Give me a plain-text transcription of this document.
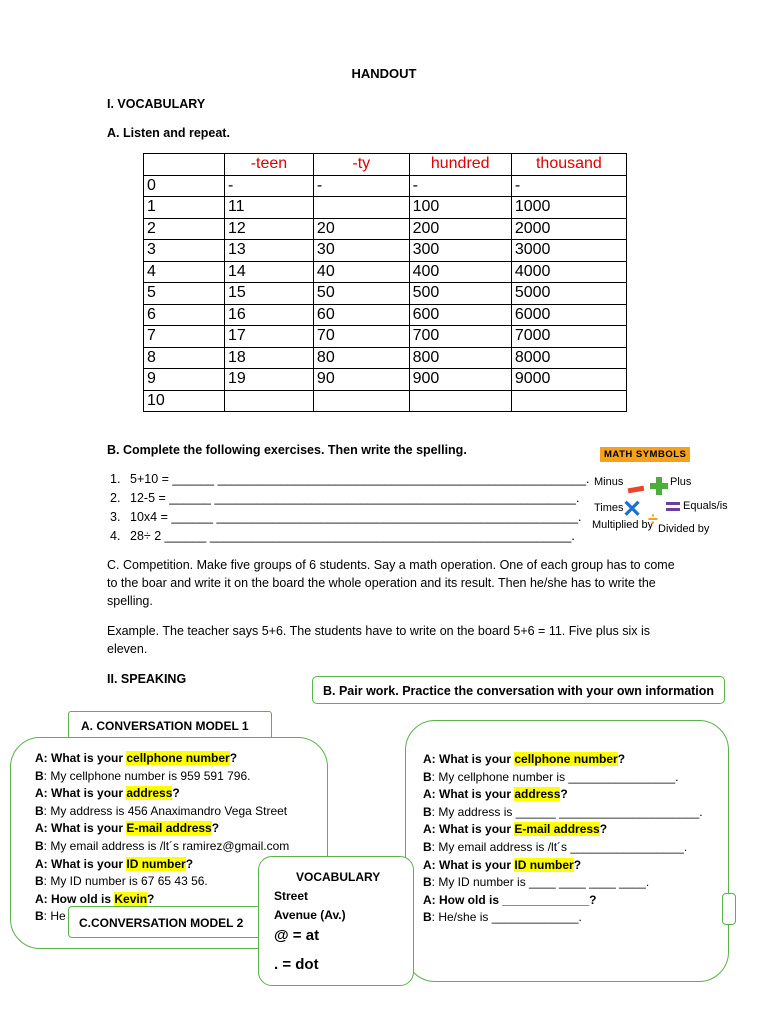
HANDOUT
I. VOCABULARY
A. Listen and repeat.
	-teen	-ty	hundred	thousand
0	-	-	-	-
1	11		100	1000
2	12	20	200	2000
3	13	30	300	3000
4	14	40	400	4000
5	15	50	500	5000
6	16	60	600	6000
7	17	70	700	7000
8	18	80	800	8000
9	19	90	900	9000
10				
B. Complete the following exercises. Then write the spelling.
1. 5+10 = ______ _____________________________________________________.
2. 12-5 = ______ ____________________________________________________.
3. 10x4 = ______ ____________________________________________________.
4. 28÷ 2 ______ ____________________________________________________.
MATH SYMBOLS
Minus	Plus
Times
✕	Equals/is
Multiplied by
÷ Divided by
C. Competition. Make five groups of 6 students. Say a math operation. One of each group has to come to the boar and write it on the board the whole operation and its result. Then he/she has to write the spelling.
Example. The teacher says 5+6. The students have to write on the board 5+6 = 11. Five plus six is eleven.
II. SPEAKING
B. Pair work. Practice the conversation with your own information
A. CONVERSATION MODEL 1
A: What is your cellphone number?
B: My cellphone number is 959 591 796.
A: What is your address?
B: My address is 456 Anaximandro Vega Street
A: What is your E-mail address?
B: My email address is /lt´s ramirez@gmail.com
A: What is your ID number?
B: My ID number is 67 65 43 56.
A: How old is Kevin?
B: He
A: What is your cellphone number?
B: My cellphone number is ________________.
A: What is your address?
B: My address is ______ _____________________.
A: What is your E-mail address?
B: My email address is /lt´s _________________.
A: What is your ID number?
B: My ID number is ____ ____ ____ ____.
A: How old is _____________?
B: He/she is _____________.
C.CONVERSATION MODEL 2
VOCABULARY
Street
Avenue (Av.)
@ = at
. = dot
